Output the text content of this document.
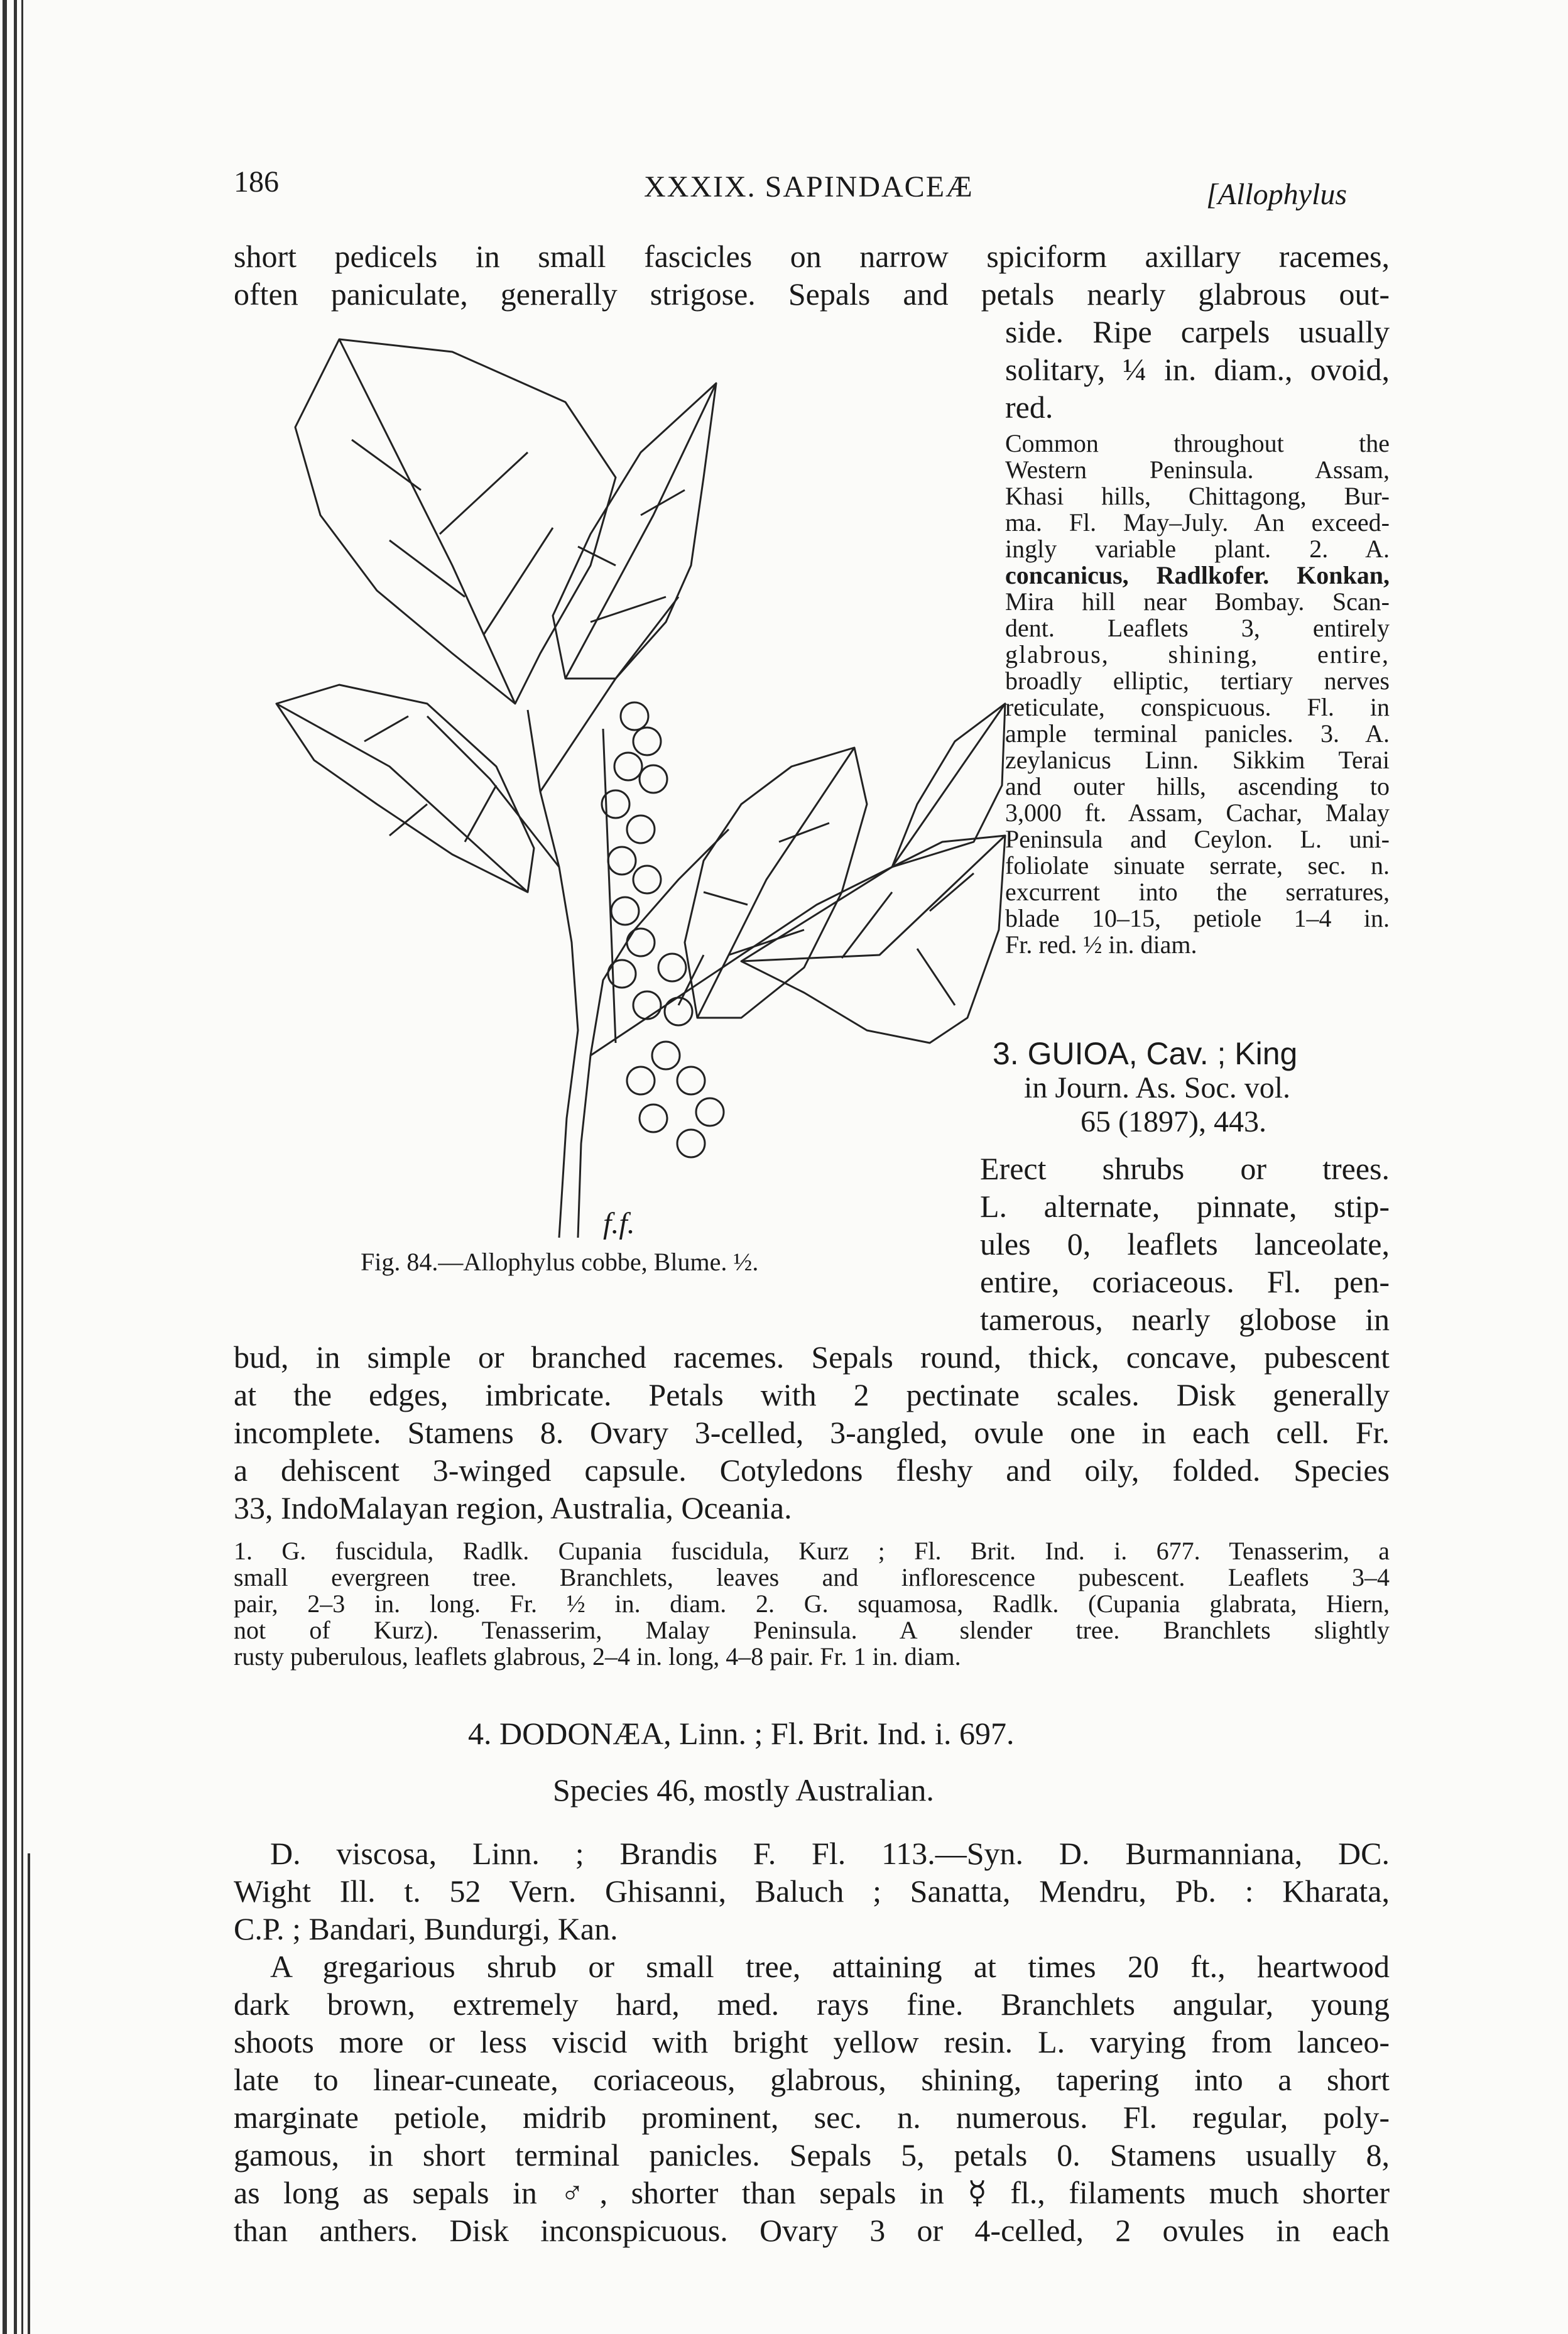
186	XXXIX. SAPINDACEÆ	[Allophylus
short pedicels in small fascicles on narrow spiciform axillary racemes,
often paniculate, generally strigose. Sepals and petals nearly glabrous out-
side. Ripe carpels usually
solitary, ¼ in. diam., ovoid,
red.
Common throughout the
Western Peninsula. Assam,
Khasi hills, Chittagong, Bur-
ma. Fl. May–July. An exceed-
ingly variable plant. 2. A.
concanicus, Radlkofer. Konkan,
Mira hill near Bombay. Scan-
dent. Leaflets 3, entirely
glabrous, shining, entire,
broadly elliptic, tertiary nerves
reticulate, conspicuous. Fl. in
ample terminal panicles. 3. A.
zeylanicus Linn. Sikkim Terai
and outer hills, ascending to
3,000 ft. Assam, Cachar, Malay
Peninsula and Ceylon. L. uni-
foliolate sinuate serrate, sec. n.
excurrent into the serratures,
blade 10–15, petiole 1–4 in.
Fr. red. ½ in. diam.
f.f.
Fig. 84.—Allophylus cobbe, Blume. ½.
3. GUIOA, Cav. ; King
in Journ. As. Soc. vol.
65 (1897), 443.
Erect shrubs or trees.
L. alternate, pinnate, stip-
ules 0, leaflets lanceolate,
entire, coriaceous. Fl. pen-
tamerous, nearly globose in
bud, in simple or branched racemes. Sepals round, thick, concave, pubescent
at the edges, imbricate. Petals with 2 pectinate scales. Disk generally
incomplete. Stamens 8. Ovary 3-celled, 3-angled, ovule one in each cell. Fr.
a dehiscent 3-winged capsule. Cotyledons fleshy and oily, folded. Species
33, IndoMalayan region, Australia, Oceania.
1. G. fuscidula, Radlk. Cupania fuscidula, Kurz ; Fl. Brit. Ind. i. 677. Tenasserim, a
small evergreen tree. Branchlets, leaves and inflorescence pubescent. Leaflets 3–4
pair, 2–3 in. long. Fr. ½ in. diam. 2. G. squamosa, Radlk. (Cupania glabrata, Hiern,
not of Kurz). Tenasserim, Malay Peninsula. A slender tree. Branchlets slightly
rusty puberulous, leaflets glabrous, 2–4 in. long, 4–8 pair. Fr. 1 in. diam.
4. DODONÆA, Linn. ; Fl. Brit. Ind. i. 697.
Species 46, mostly Australian.
D. viscosa, Linn. ; Brandis F. Fl. 113.—Syn. D. Burmanniana, DC.
Wight Ill. t. 52 Vern. Ghisanni, Baluch ; Sanatta, Mendru, Pb. : Kharata,
C.P. ; Bandari, Bundurgi, Kan.
A gregarious shrub or small tree, attaining at times 20 ft., heartwood
dark brown, extremely hard, med. rays fine. Branchlets angular, young
shoots more or less viscid with bright yellow resin. L. varying from lanceo-
late to linear-cuneate, coriaceous, glabrous, shining, tapering into a short
marginate petiole, midrib prominent, sec. n. numerous. Fl. regular, poly-
gamous, in short terminal panicles. Sepals 5, petals 0. Stamens usually 8,
as long as sepals in ♂, shorter than sepals in ☿ fl., filaments much shorter
than anthers. Disk inconspicuous. Ovary 3 or 4-celled, 2 ovules in each
